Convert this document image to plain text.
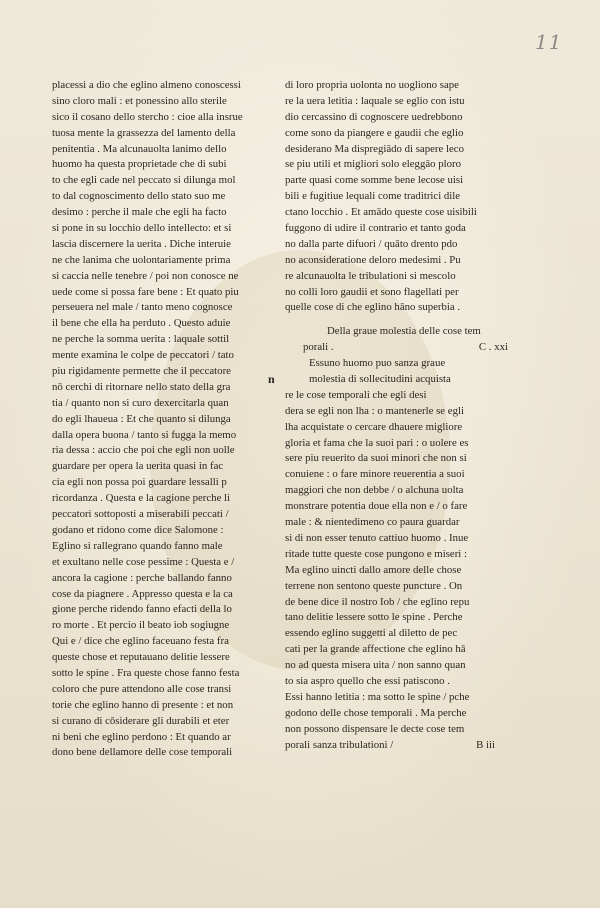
11
placessi a dio che eglino almeno conoscessi
sino cloro mali : et ponessino allo sterile
sico il cosano dello stercho : cioe alla insrue
tuosa mente la grassezza del lamento della
penitentia . Ma alcunauolta lanimo dello
huomo ha questa proprietade che di subi
to che egli cade nel peccato si dilunga mol
to dal cognoscimento dello stato suo me
desimo : perche il male che egli ha facto
si pone in su locchio dello intellecto: et si
lascia discernere la uerita . Diche interuie
ne che lanima che uolontariamente prima
si caccia nelle tenebre / poi non conosce ne
uede come si possa fare bene : Et quato piu
perseuera nel male / tanto meno cognosce
il bene che ella ha perduto . Questo aduie
ne perche la somma uerita : laquale sottil
mente examina le colpe de peccatori / tato
piu rigidamente permette che il peccatore
nō cerchi di ritornare nello stato della gra
tia / quanto non si curo dexercitarla quan
do egli lhaueua : Et che quanto si dilunga
dalla opera buona / tanto si fugga la memo
ria dessa : accio che poi che egli non uolle
guardare per opera la uerita quasi in fac
cia egli non possa poi guardare lessalli p
ricordanza . Questa e la cagione perche li
peccatori sottoposti a miserabili peccati /
godano et ridono come dice Salomone :
Eglino si rallegrano quando fanno male
et exultano nelle cose pessime : Questa e /
ancora la cagione : perche ballando fanno
cose da piagnere . Appresso questa e la ca
gione perche ridendo fanno efacti della lo
ro morte . Et percio il beato iob sogiugne
Qui e / dice che eglino faceuano festa fra
queste chose et reputauano delitie lessere
sotto le spine . Fra queste chose fanno festa
coloro che pure attendono alle cose transi
torie che eglino hanno di presente : et non
si curano di cōsiderare gli durabili et eter
ni beni che eglino perdono : Et quando ar
dono bene dellamore delle cose temporali
di loro propria uolonta no uogliono sape
re la uera letitia : laquale se eglio con istu
dio cercassino di cognoscere uedrebbono
come sono da piangere e gaudii che eglio
desiderano Ma dispregiādo di sapere leco
se piu utili et migliori solo eleggāo ploro
parte quasi come somme bene lecose uisi
bili e fugitiue lequali come traditrici dile
ctano locchio . Et amādo queste cose uisibili
fuggono di udire il contrario et tanto goda
no dalla parte difuori / quāto drento pdo
no aconsideratione deloro medesimi . Pu
re alcunauolta le tribulationi si mescolo
no colli loro gaudii et sono flagellati per
quelle cose di che eglino hāno superbia .
Della graue molestia delle cose tem
porali .	C . xxi
Essuno huomo puo sanza graue
n	molestia di sollecitudini acquista
re le cose temporali che egli desi
dera se egli non lha : o mantenerle se egli
lha acquistate o cercare dhauere migliore
gloria et fama che la suoi pari : o uolere es
sere piu reuerito da suoi minori che non si
conuiene : o fare minore reuerentia a suoi
maggiori che non debbe / o alchuna uolta
monstrare potentia doue ella non e / o fare
male : & nientedimeno co paura guardar
si di non esser tenuto cattiuo huomo . Inue
ritade tutte queste cose pungono e miseri :
Ma eglino uincti dallo amore delle chose
terrene non sentono queste puncture . On
de bene dice il nostro Iob / che eglino repu
tano delitie lessere sotto le spine . Perche
essendo eglino suggetti al diletto de pec
cati per la grande affectione che eglino hā
no ad questa misera uita / non sanno quan
to sia aspro quello che essi patiscono .
Essi hanno letitia : ma sotto le spine / pche
godono delle chose temporali . Ma perche
non possono dispensare le decte cose tem
porali sanza tribulationi /	B iii
